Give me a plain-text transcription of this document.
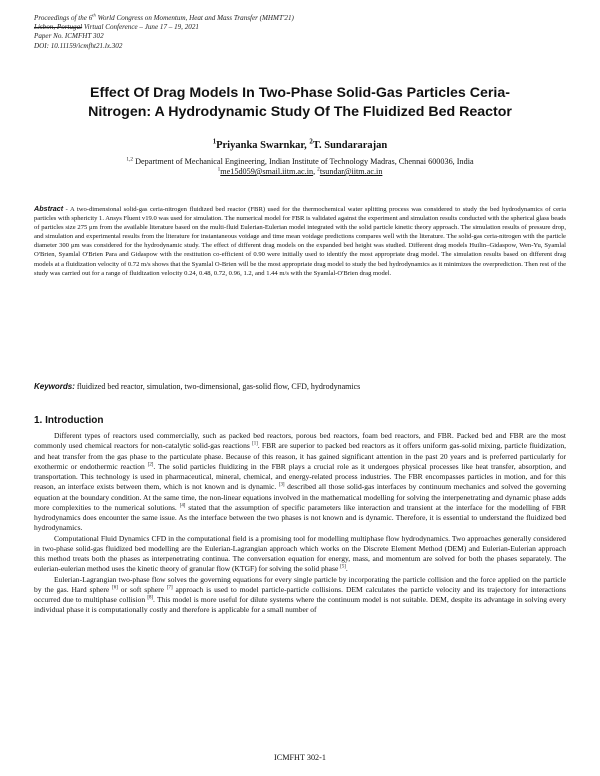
Proceedings of the 6th World Congress on Momentum, Heat and Mass Transfer (MHMT'21)
Lisbon, Portugal Virtual Conference – June 17 – 19, 2021
Paper No. ICMFHT 302
DOI: 10.11159/icmfht21.lx.302
Effect Of Drag Models In Two-Phase Solid-Gas Particles Ceria-
Nitrogen: A Hydrodynamic Study Of The Fluidized Bed Reactor
$^1$Priyanka Swarnkar, $^2$T. Sundararajan
$^{1,2}$ Department of Mechanical Engineering, Indian Institute of Technology Madras, Chennai 600036, India
$^1$me15d059@smail.iitm.ac.in, $^2$tsundar@iitm.ac.in
Abstract - A two-dimensional solid-gas ceria-nitrogen fluidized bed reactor (FBR) used for the thermochemical water splitting process was considered to study the bed hydrodynamics of ceria particles with sphericity 1. Ansys Fluent v19.0 was used for simulation. The numerical model for FBR is validated against the experiment and simulation results conducted with the spherical glass beads of particles size 275 μm from the available literature based on the multi-fluid Eulerian-Eulerian model integrated with the solid particle kinetic theory approach. The simulation results of pressure drop, and simulation and experimental results from the literature for instantaneous voidage and time mean voidage predictions compares well with the literature. The solid-gas ceria-nitrogen with the particle diameter 300 μm was considered for the hydrodynamic study. The effect of different drag models on the expanded bed height was studied. Different drag models Huilin–Gidaspow, Wen-Yu, Syamlal O'Brien, Syamlal O'Brien Para and Gidaspow with the restitution co-efficient of 0.90 were initially used to identify the most appropriate drag model. The simulation results based on different drag models at a fluidization velocity of 0.72 m/s shows that the Syamlal O-Brien will be the most appropriate drag model to study the bed hydrodynamics as it minimizes the overprediction. Then rest of the study was carried out for a range of fluidization velocity 0.24, 0.48, 0.72, 0.96, 1.2, and 1.44 m/s with the Syamlal-O'Brien drag model.
Keywords: fluidized bed reactor, simulation, two-dimensional, gas-solid flow, CFD, hydrodynamics
1. Introduction

Different types of reactors used commercially, such as packed bed reactors, porous bed reactors, foam bed reactors, and FBR. Packed bed and FBR are the most commonly used chemical reactors for non-catalytic solid-gas reactions [1]. FBR are superior to packed bed reactors as it offers uniform gas-solid mixing, particle fluidization, and heat transfer from the gas phase to the particulate phase. Because of this reason, it has gained significant attention in the past 20 years and is preferred particularly for exothermic or endothermic reaction [2]. The solid particles fluidizing in the FBR plays a crucial role as it undergoes physical processes like heat transfer, absorption, and transportation. This technology is used in pharmaceutical, mineral, chemical, and energy-related process industries. The FBR encompasses particles in motion, and for this reason, an interface exists between them, which is not known and is dynamic. [3] described all those solid-gas interfaces by continuum mechanics and solved the governing equation at the boundary condition. At the same time, the non-linear equations involved in the mathematical modelling for solving the interpenetrating and dynamic phase adds more complexities to the numerical solutions. [4] stated that the assumption of specific parameters like interaction and transient at the interface for the modelling of FBR hydrodynamics does encounter the same issue. As the interface between the two phases is not known and is dynamic. Therefore, it is essential to understand the fluidized bed hydrodynamics.

Computational Fluid Dynamics CFD in the computational field is a promising tool for modelling multiphase flow hydrodynamics. Two approaches generally considered in two-phase solid-gas fluidized bed modelling are the Eulerian-Lagrangian approach which works on the Discrete Element Method (DEM) and Eulerian-Eulerian approach this method treats both the phases as interpenetrating continua. The conversation equation for energy, mass, and momentum are solved for both the phases separately. The eulerian-eulerian method uses the kinetic theory of granular flow (KTGF) for solving the solid phase [5].

Eulerian-Lagrangian two-phase flow solves the governing equations for every single particle by incorporating the particle collision and the force applied on the particle by the gas. Hard sphere [6] or soft sphere [7] approach is used to model particle-particle collisions. DEM calculates the particle velocity and its trajectory for interactions occurred due to multiphase collision [8]. This model is more useful for dilute systems where the continuum model is not suitable. DEM, despite its advantage in solving every individual phase it is computationally costly and therefore is applicable for a small number of

ICMFHT 302-1
